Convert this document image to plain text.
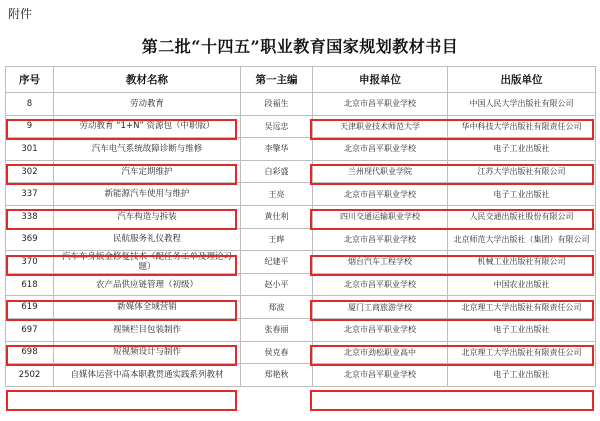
附件
第二批“十四五”职业教育国家规划教材书目
序号	教材名称	第一主编	申报单位	出版单位
8	劳动教育	段福生	北京市昌平职业学校	中国人民大学出版社有限公司
9	劳动教育 “1+N” 资源包（中职版）	吴远忠	天津职业技术师范大学	华中科技大学出版社有限责任公司
301	汽车电气系统故障诊断与维修	李擎华	北京市昌平职业学校	电子工业出版社
302	汽车定期维护	白彩盛	兰州现代职业学院	江苏大学出版社有限公司
337	新能源汽车使用与维护	王亮	北京市昌平职业学校	电子工业出版社
338	汽车构造与拆装	黄仕利	四川交通运输职业学校	人民交通出版社股份有限公司
369	民航服务礼仪教程	王晔	北京市昌平职业学校	北京师范大学出版社（集团）有限公司
370	汽车车身钣金修复技术（配任务工单及理论习题）	纪建平	烟台汽车工程学校	机械工业出版社有限公司
618	农产品供应链管理（初级）	赵小平	北京市昌平职业学校	中国农业出版社
619	新媒体全域营销	郑波	厦门工商旅游学校	北京理工大学出版社有限责任公司
697	视频栏目包装制作	张春丽	北京市昌平职业学校	电子工业出版社
698	短视频设计与制作	侯克春	北京市劲松职业高中	北京理工大学出版社有限责任公司
2502	自媒体运营中高本职教贯通实践系列教材	郑艳秋	北京市昌平职业学校	电子工业出版社
